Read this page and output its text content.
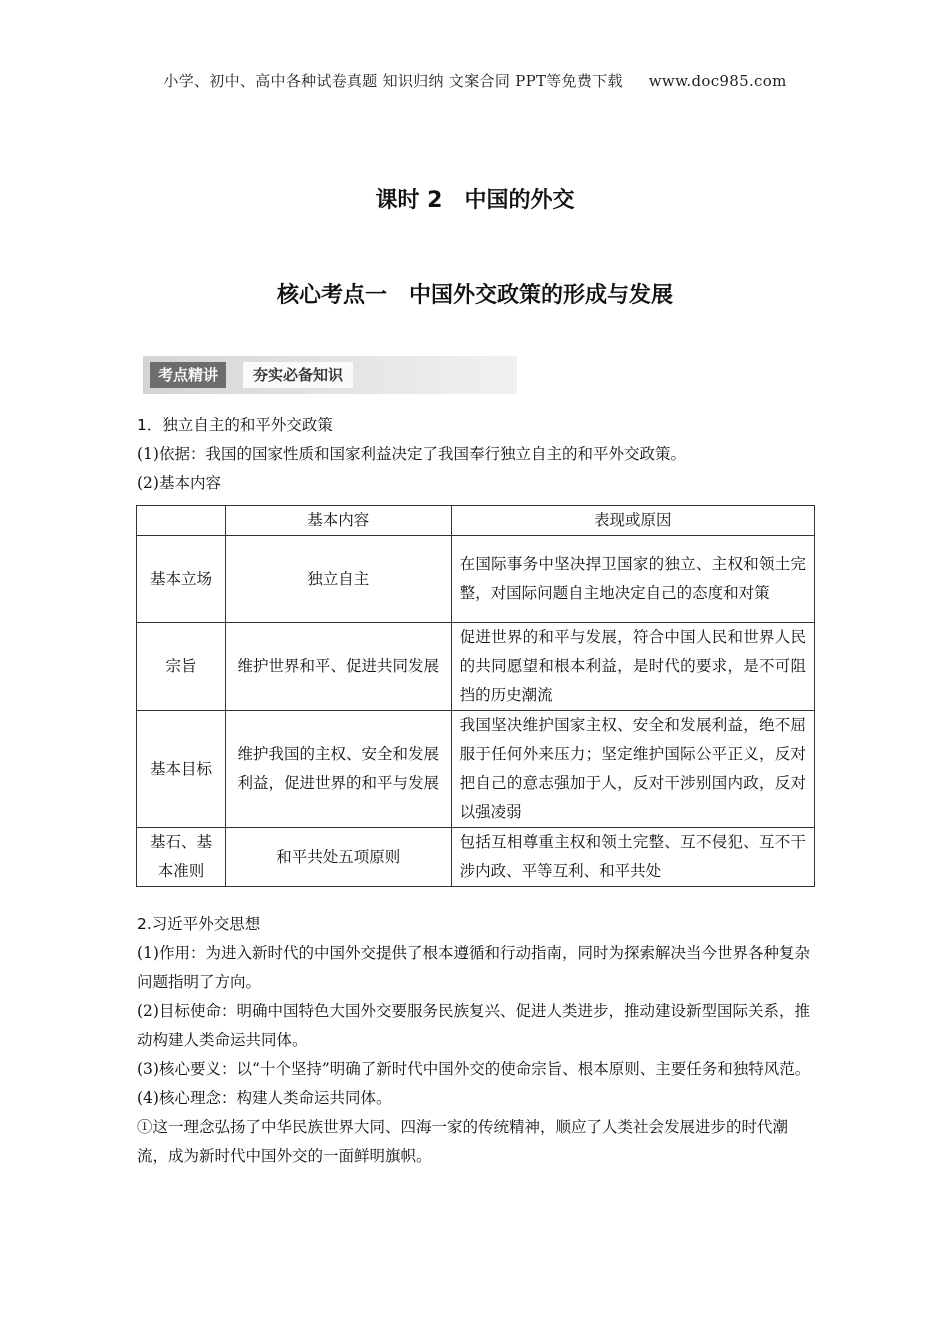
小学、初中、高中各种试卷真题 知识归纳 文案合同 PPT等免费下载 www.doc985.com
课时 2　中国的外交
核心考点一　中国外交政策的形成与发展
考点精讲	夯实必备知识
1．独立自主的和平外交政策
(1)依据：我国的国家性质和国家利益决定了我国奉行独立自主的和平外交政策。
(2)基本内容
	基本内容	表现或原因
基本立场	独立自主	在国际事务中坚决捍卫国家的独立、主权和领土完整，对国际问题自主地决定自己的态度和对策
宗旨	维护世界和平、促进共同发展	促进世界的和平与发展，符合中国人民和世界人民的共同愿望和根本利益，是时代的要求，是不可阻挡的历史潮流
基本目标	维护我国的主权、安全和发展利益，促进世界的和平与发展	我国坚决维护国家主权、安全和发展利益，绝不屈服于任何外来压力；坚定维护国际公平正义，反对把自己的意志强加于人，反对干涉别国内政，反对以强凌弱
基石、基本准则	和平共处五项原则	包括互相尊重主权和领土完整、互不侵犯、互不干涉内政、平等互利、和平共处
2.习近平外交思想
(1)作用：为进入新时代的中国外交提供了根本遵循和行动指南，同时为探索解决当今世界各种复杂问题指明了方向。
(2)目标使命：明确中国特色大国外交要服务民族复兴、促进人类进步，推动建设新型国际关系，推动构建人类命运共同体。
(3)核心要义：以“十个坚持”明确了新时代中国外交的使命宗旨、根本原则、主要任务和独特风范。
(4)核心理念：构建人类命运共同体。
①这一理念弘扬了中华民族世界大同、四海一家的传统精神，顺应了人类社会发展进步的时代潮流，成为新时代中国外交的一面鲜明旗帜。
